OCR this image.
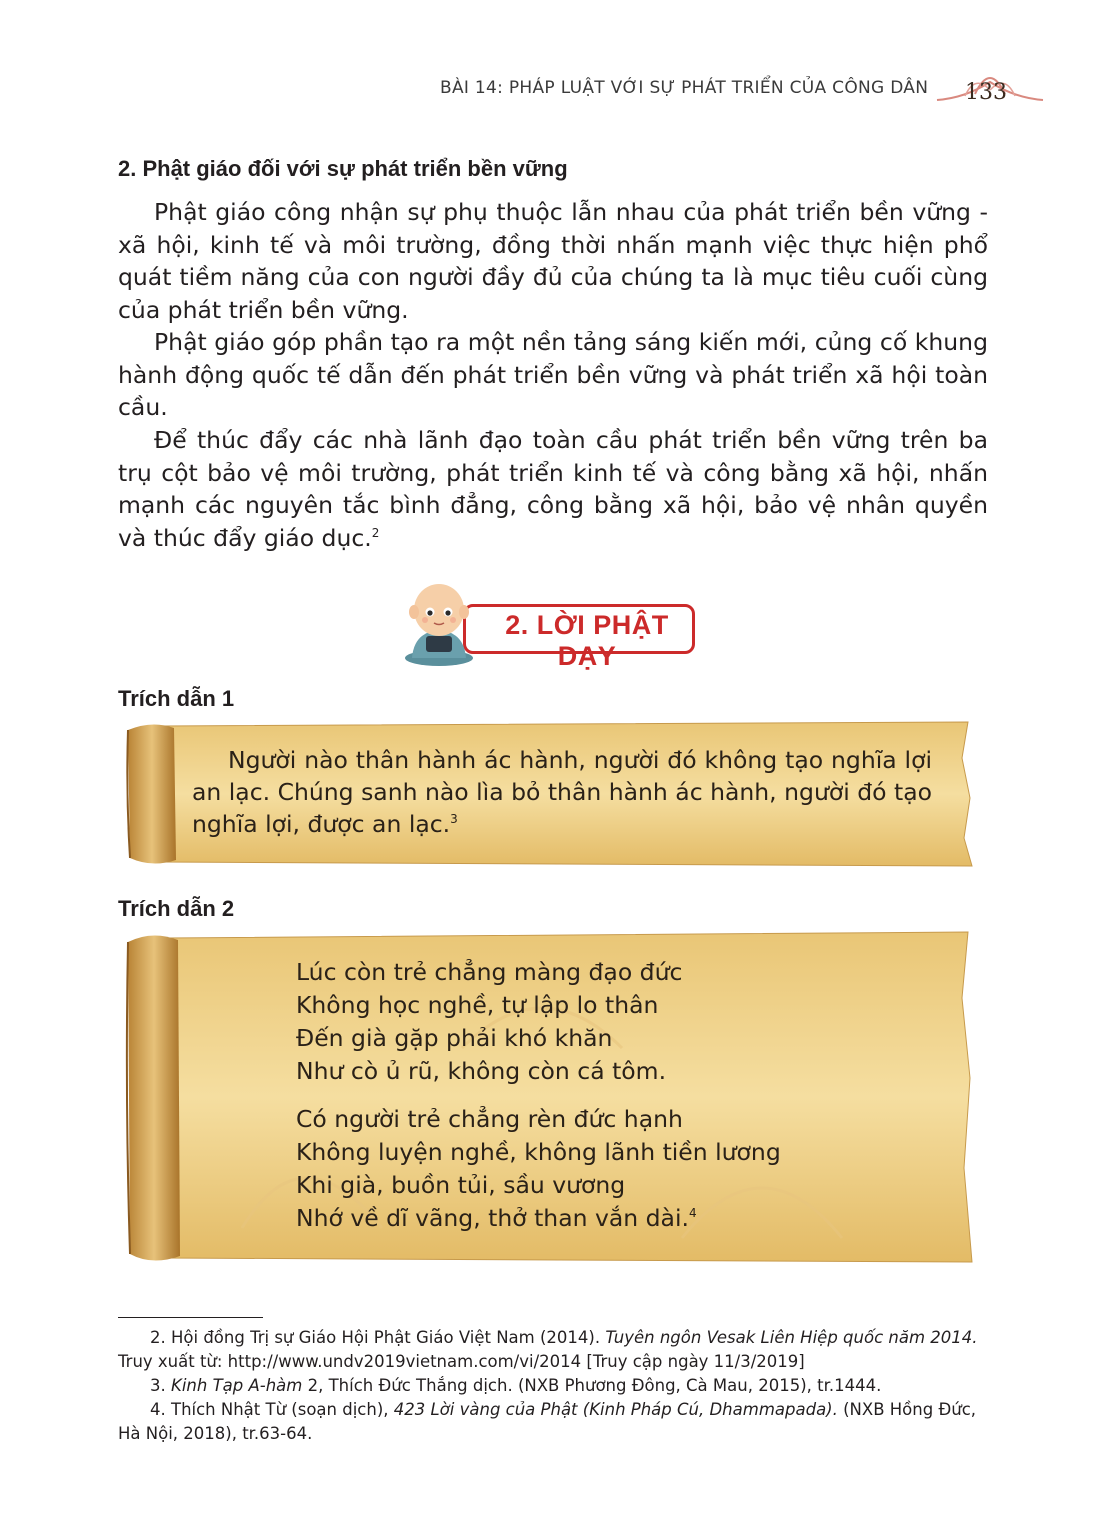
BÀI 14: PHÁP LUẬT VỚI SỰ PHÁT TRIỂN CỦA CÔNG DÂN 133
2. Phật giáo đối với sự phát triển bền vững

Phật giáo công nhận sự phụ thuộc lẫn nhau của phát triển bền vững - xã hội, kinh tế và môi trường, đồng thời nhấn mạnh việc thực hiện phổ quát tiềm năng của con người đầy đủ của chúng ta là mục tiêu cuối cùng của phát triển bền vững.

Phật giáo góp phần tạo ra một nền tảng sáng kiến mới, củng cố khung hành động quốc tế dẫn đến phát triển bền vững và phát triển xã hội toàn cầu.

Để thúc đẩy các nhà lãnh đạo toàn cầu phát triển bền vững trên ba trụ cột bảo vệ môi trường, phát triển kinh tế và công bằng xã hội, nhấn mạnh các nguyên tắc bình đẳng, công bằng xã hội, bảo vệ nhân quyền và thúc đẩy giáo dục.$^2$

2. LỜI PHẬT DẠY
Trích dẫn 1
Người nào thân hành ác hành, người đó không tạo nghĩa lợi an lạc. Chúng sanh nào lìa bỏ thân hành ác hành, người đó tạo nghĩa lợi, được an lạc.$^3$
Trích dẫn 2
Lúc còn trẻ chẳng màng đạo đức
Không học nghề, tự lập lo thân
Đến già gặp phải khó khăn
Như cò ủ rũ, không còn cá tôm.
Có người trẻ chẳng rèn đức hạnh
Không luyện nghề, không lãnh tiền lương
Khi già, buồn tủi, sầu vương
Nhớ về dĩ vãng, thở than vắn dài.$^4$

2. Hội đồng Trị sự Giáo Hội Phật Giáo Việt Nam (2014). Tuyên ngôn Vesak Liên Hiệp quốc năm 2014. Truy xuất từ: http://www.undv2019vietnam.com/vi/2014 [Truy cập ngày 11/3/2019]

3. Kinh Tạp A-hàm 2, Thích Đức Thắng dịch. (NXB Phương Đông, Cà Mau, 2015), tr.1444.

4. Thích Nhật Từ (soạn dịch), 423 Lời vàng của Phật (Kinh Pháp Cú, Dhammapada). (NXB Hồng Đức, Hà Nội, 2018), tr.63-64.
